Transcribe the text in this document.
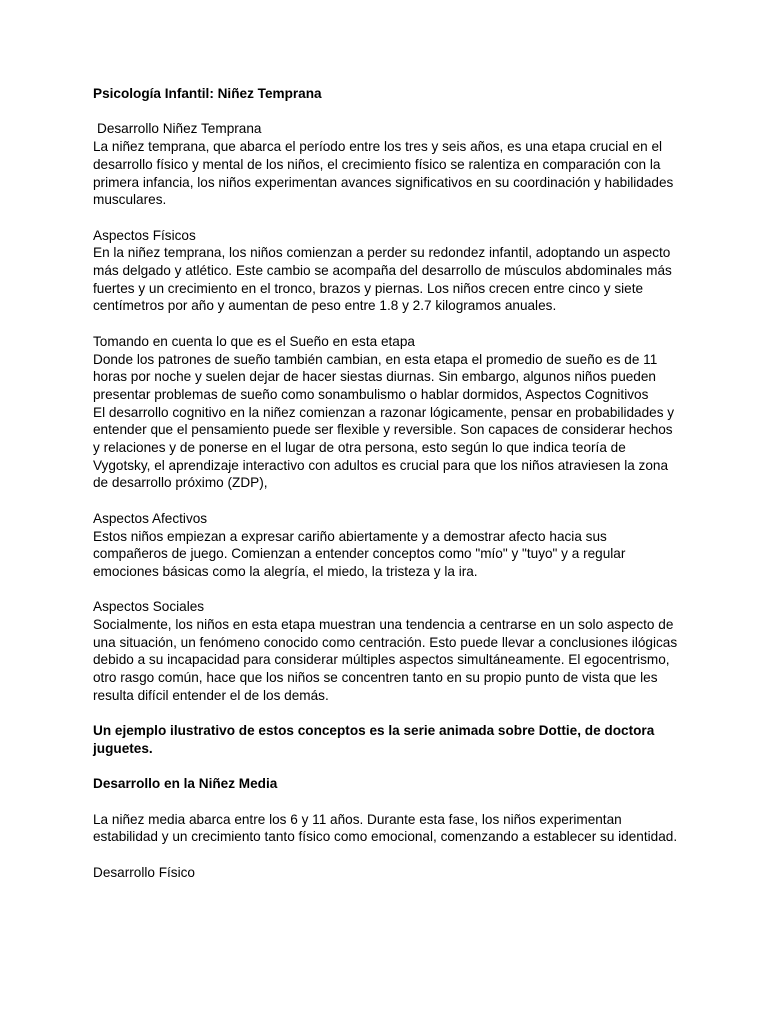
Psicología Infantil: Niñez Temprana

Desarrollo Niñez Temprana

La niñez temprana, que abarca el período entre los tres y seis años, es una etapa crucial en el desarrollo físico y mental de los niños, el crecimiento físico se ralentiza en comparación con la primera infancia, los niños experimentan avances significativos en su coordinación y habilidades musculares.

Aspectos Físicos

En la niñez temprana, los niños comienzan a perder su redondez infantil, adoptando un aspecto más delgado y atlético. Este cambio se acompaña del desarrollo de músculos abdominales más fuertes y un crecimiento en el tronco, brazos y piernas. Los niños crecen entre cinco y siete centímetros por año y aumentan de peso entre 1.8 y 2.7 kilogramos anuales.

Tomando en cuenta lo que es el Sueño en esta etapa

Donde los patrones de sueño también cambian, en esta etapa el promedio de sueño es de 11 horas por noche y suelen dejar de hacer siestas diurnas. Sin embargo, algunos niños pueden presentar problemas de sueño como sonambulismo o hablar dormidos, Aspectos Cognitivos

El desarrollo cognitivo en la niñez comienzan a razonar lógicamente, pensar en probabilidades y entender que el pensamiento puede ser flexible y reversible. Son capaces de considerar hechos y relaciones y de ponerse en el lugar de otra persona, esto según lo que indica teoría de Vygotsky, el aprendizaje interactivo con adultos es crucial para que los niños atraviesen la zona de desarrollo próximo (ZDP),

Aspectos Afectivos

Estos niños empiezan a expresar cariño abiertamente y a demostrar afecto hacia sus compañeros de juego. Comienzan a entender conceptos como "mío" y "tuyo" y a regular emociones básicas como la alegría, el miedo, la tristeza y la ira.

Aspectos Sociales

Socialmente, los niños en esta etapa muestran una tendencia a centrarse en un solo aspecto de una situación, un fenómeno conocido como centración. Esto puede llevar a conclusiones ilógicas debido a su incapacidad para considerar múltiples aspectos simultáneamente. El egocentrismo, otro rasgo común, hace que los niños se concentren tanto en su propio punto de vista que les resulta difícil entender el de los demás.

Un ejemplo ilustrativo de estos conceptos es la serie animada sobre Dottie, de doctora juguetes.

Desarrollo en la Niñez Media

La niñez media abarca entre los 6 y 11 años. Durante esta fase, los niños experimentan estabilidad y un crecimiento tanto físico como emocional, comenzando a establecer su identidad.

Desarrollo Físico
